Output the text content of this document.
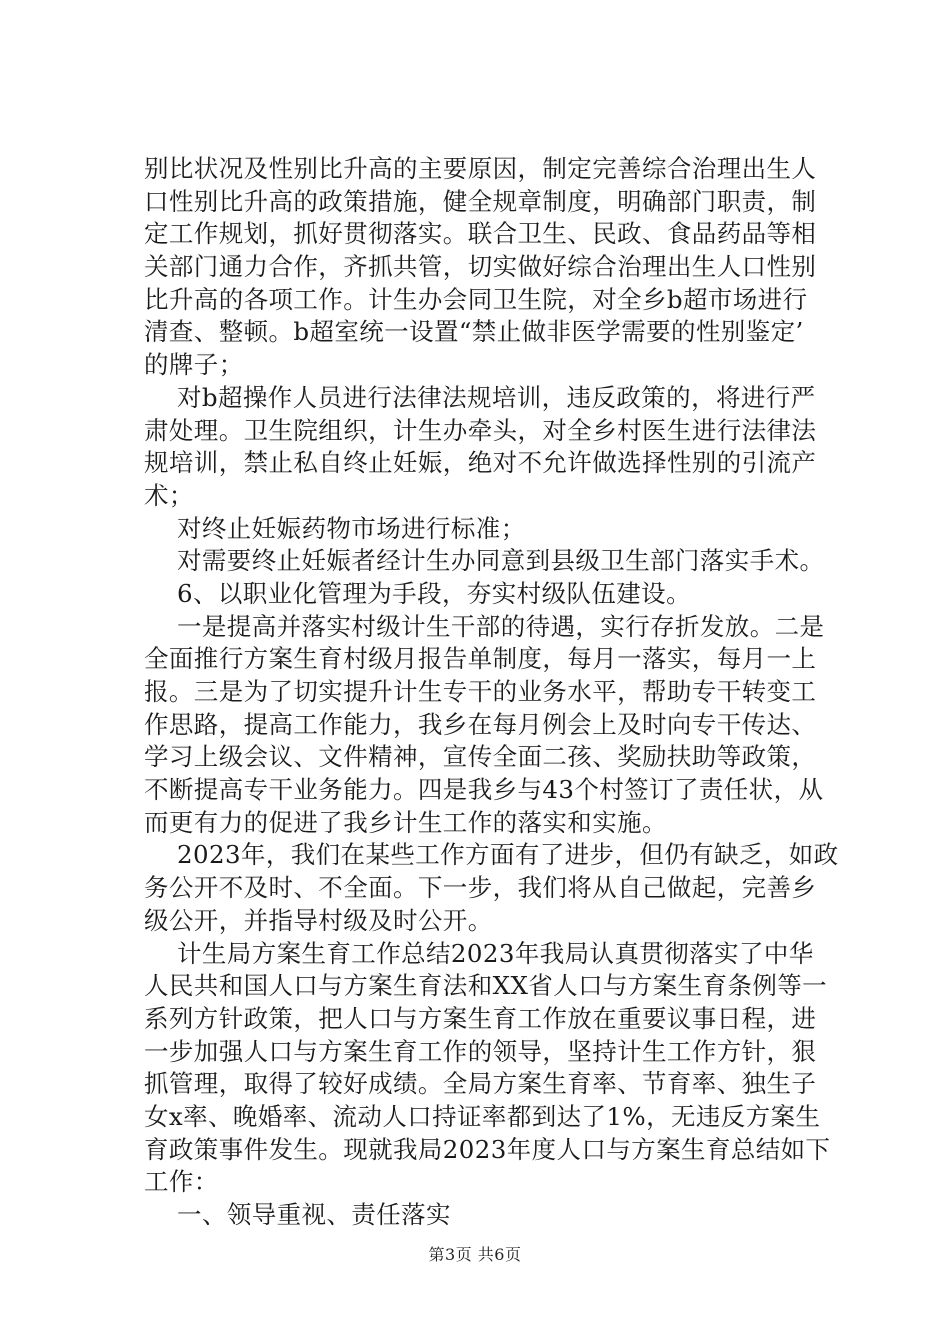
别比状况及性别比升高的主要原因，制定完善综合治理出生人
口性别比升高的政策措施，健全规章制度，明确部门职责，制
定工作规划，抓好贯彻落实。联合卫生、民政、食品药品等相
关部门通力合作，齐抓共管，切实做好综合治理出生人口性别
比升高的各项工作。计生办会同卫生院，对全乡b超市场进行
清查、整顿。b超室统一设置“禁止做非医学需要的性别鉴定’
的牌子；
对b超操作人员进行法律法规培训，违反政策的，将进行严
肃处理。卫生院组织，计生办牵头，对全乡村医生进行法律法
规培训，禁止私自终止妊娠，绝对不允许做选择性别的引流产
术；
对终止妊娠药物市场进行标准；
对需要终止妊娠者经计生办同意到县级卫生部门落实手术。
6、以职业化管理为手段，夯实村级队伍建设。
一是提高并落实村级计生干部的待遇，实行存折发放。二是
全面推行方案生育村级月报告单制度，每月一落实，每月一上
报。三是为了切实提升计生专干的业务水平，帮助专干转变工
作思路，提高工作能力，我乡在每月例会上及时向专干传达、
学习上级会议、文件精神，宣传全面二孩、奖励扶助等政策，
不断提高专干业务能力。四是我乡与43个村签订了责任状，从
而更有力的促进了我乡计生工作的落实和实施。
2023年，我们在某些工作方面有了进步，但仍有缺乏，如政
务公开不及时、不全面。下一步，我们将从自己做起，完善乡
级公开，并指导村级及时公开。
计生局方案生育工作总结2023年我局认真贯彻落实了中华
人民共和国人口与方案生育法和XX省人口与方案生育条例等一
系列方针政策，把人口与方案生育工作放在重要议事日程，进
一步加强人口与方案生育工作的领导，坚持计生工作方针，狠
抓管理，取得了较好成绩。全局方案生育率、节育率、独生子
女x率、晚婚率、流动人口持证率都到达了1%，无违反方案生
育政策事件发生。现就我局2023年度人口与方案生育总结如下
工作：
一、领导重视、责任落实
第3页 共6页
